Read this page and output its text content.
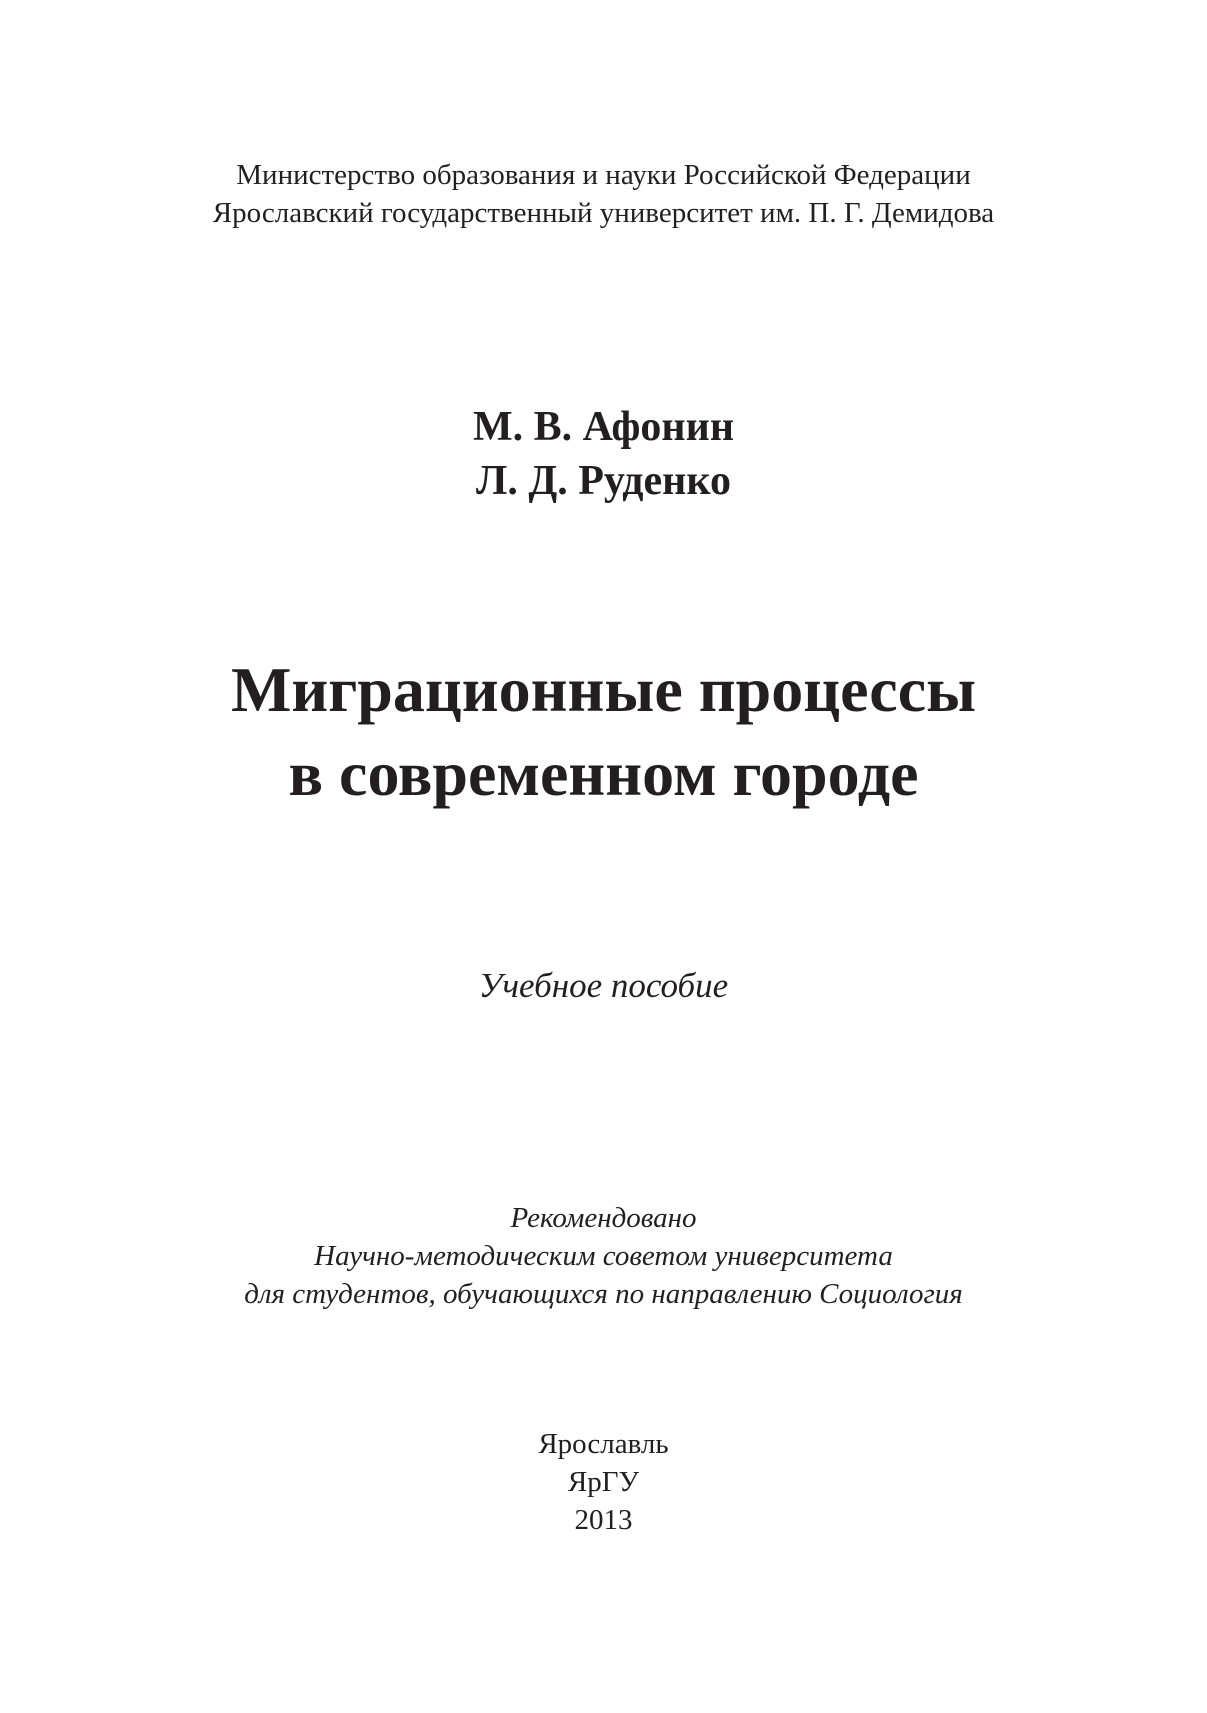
Министерство образования и науки Российской Федерации
Ярославский государственный университет им. П. Г. Демидова
М. В. Афонин
Л. Д. Руденко
Миграционные процессы
в современном городе
Учебное пособие
Рекомендовано
Научно-методическим советом университета
для студентов, обучающихся по направлению Социология
Ярославль
ЯрГУ
2013
